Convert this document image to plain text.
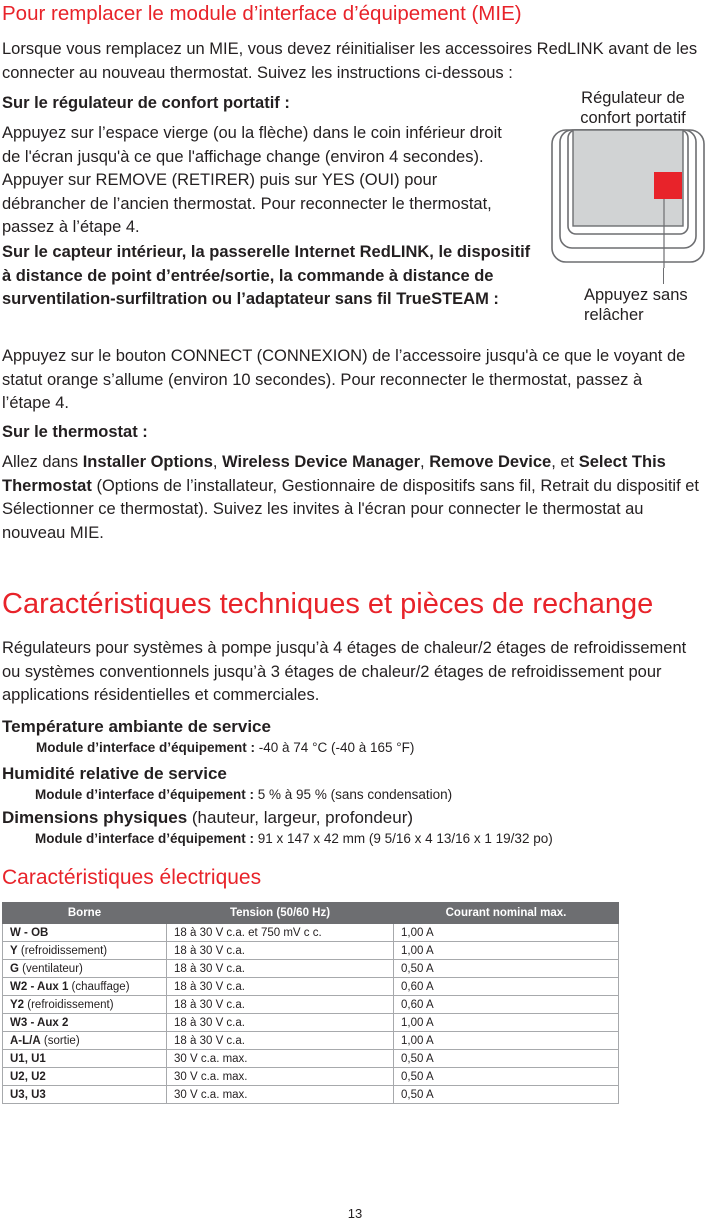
Pour remplacer le module d’interface d’équipement (MIE)

Lorsque vous remplacez un MIE, vous devez réinitialiser les accessoires RedLINK avant de les connecter au nouveau thermostat. Suivez les instructions ci-dessous :

Sur le régulateur de confort portatif :

Appuyez sur l’espace vierge (ou la flèche) dans le coin inférieur droit de l'écran jusqu'à ce que l'affichage change (environ 4 secondes). Appuyer sur REMOVE (RETIRER) puis sur YES (OUI) pour débrancher de l’ancien thermostat. Pour reconnecter le thermostat, passez à l’étape 4.

Sur le capteur intérieur, la passerelle Internet RedLINK, le dispositif à distance de point d’entrée/sortie, la commande à distance de surventilation-surfiltration ou l’adaptateur sans fil TrueSTEAM :

Appuyez sur le bouton CONNECT (CONNEXION) de l’accessoire jusqu'à ce que le voyant de statut orange s’allume (environ 10 secondes). Pour reconnecter le thermostat, passez à l’étape 4.

Sur le thermostat :

Allez dans Installer Options, Wireless Device Manager, Remove Device, et Select This Thermostat (Options de l’installateur, Gestionnaire de dispositifs sans fil, Retrait du dispositif et Sélectionner ce thermostat). Suivez les invites à l'écran pour connecter le thermostat au nouveau MIE.

Régulateur de confort portatif
Appuyez sans relâcher
Caractéristiques techniques et pièces de rechange

Régulateurs pour systèmes à pompe jusqu’à 4 étages de chaleur/2 étages de refroidissement ou systèmes conventionnels jusqu’à 3 étages de chaleur/2 étages de refroidissement pour applications résidentielles et commerciales.

Température ambiante de service
Module d’interface d’équipement : -40 à 74 °C (-40 à 165 °F)
Humidité relative de service
Module d’interface d’équipement : 5 % à 95 % (sans condensation)
Dimensions physiques (hauteur, largeur, profondeur)
Module d’interface d’équipement : 91 x 147 x 42 mm (9 5/16 x 4 13/16 x 1 19/32 po)
Caractéristiques électriques
Borne	Tension (50/60 Hz)	Courant nominal max.
W - OB	18 à 30 V c.a. et 750 mV c c.	1,00 A
Y (refroidissement)	18 à 30 V c.a.	1,00 A
G (ventilateur)	18 à 30 V c.a.	0,50 A
W2 - Aux 1 (chauffage)	18 à 30 V c.a.	0,60 A
Y2 (refroidissement)	18 à 30 V c.a.	0,60 A
W3 - Aux 2	18 à 30 V c.a.	1,00 A
A-L/A (sortie)	18 à 30 V c.a.	1,00 A
U1, U1	30 V c.a. max.	0,50 A
U2, U2	30 V c.a. max.	0,50 A
U3, U3	30 V c.a. max.	0,50 A
13
